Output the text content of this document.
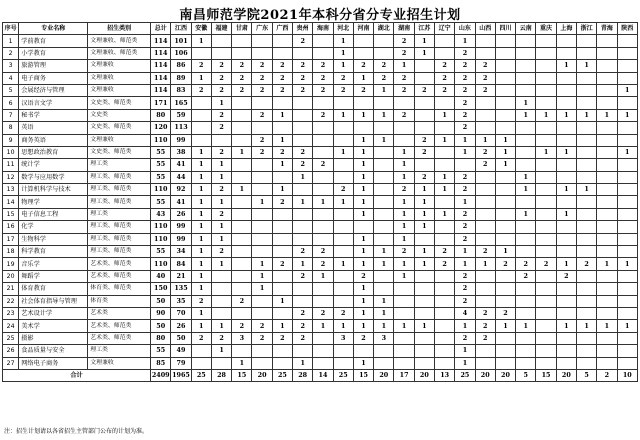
南昌师范学院2021年本科分省分专业招生计划
序号	专业名称	招生类别	总计	江西	安徽	福建	甘肃	广东	广西	贵州	海南	河北	河南	湖北	湖南	江苏	辽宁	山东	山西	四川	云南	重庆	上海	浙江	青海	陕西
1	学前教育	文理兼收、师范类	114	101	1					2		1			2	1		1								
2	小学教育	文理兼收、师范类	114	106								1			2	1		2								
3	旅游管理	文理兼收	114	86	2	2	2	2	2	2	2	1	2	2	1		2	2	2				1	1		
4	电子商务	文理兼收	114	89	1	2	2	2	2	2	2	2	1	2	2		2	2	2							
5	会展经济与管理	文理兼收	114	83	2	2	2	2	2	2	2	2	2	1	2	2	2	2	2							1
6	汉语言文学	文史类、师范类	171	165		1												2			1					
7	秘书学	文史类	80	59		2		2	1		2	1	1	1	2		1	2			1	1	1	1	1	1
8	英语	文史类、师范类	120	113		2												2								
9	商务英语	文理兼收	110	99				2	1				1	1		2	1	1	1	1						
10	思想政治教育	文史类、师范类	55	38	1	2	1	2	2	2		1	1		1	2		1	2	1		1	1			1
11	统计学	理工类	55	41	1	1			1	2	2		1		1				2	1						
12	数学与应用数学	理工类、师范类	55	44	1	1				1			1		1	2	1	2			1					
13	计算机科学与技术	理工类、师范类	110	92	1	2	1		1			2	1		2	1	1	2			1		1	1		
14	物理学	理工类、师范类	55	41	1	1		1	2	1	1	1	1		1	1		1								
15	电子信息工程	理工类	43	26	1	2							1		1	1	1	2			1		1			
16	化学	理工类、师范类	110	99	1	1									1	1		2								
17	生物科学	理工类、师范类	110	99	1	1							1		1			2								
18	科学教育	理工类、师范类	55	34	1	2				2	2		1	1	2	1	2	1	2	1						
19	音乐学	艺术类、师范类	110	84	1	1		1	2	1	2	1	1	1	1	1	2	1	1	2	2	2	1	2	1	1
20	舞蹈学	艺术类、师范类	40	21	1			1		2	1		2		1			2			2		2			
21	体育教育	体育类、师范类	150	135	1			1					1					2								
22	社会体育指导与管理	体育类	50	35	2		2		1				1	1				2								
23	艺术设计学	艺术类	90	70	1					2	2	2	1	1				4	2	2						
24	美术学	艺术类、师范类	50	26	1	1	2	2	1	2	1	1	1	1	1	1		1	2	1	1		1	1	1	1
25	摄影	艺术类、师范类	80	50	2	2	3	2	2	2		3	2	3				2	2							
26	食品质量与安全	理工类	55	49		1												1								
27	网络电子商务	文理兼收	85	79			1			1			1					1								
合计			2409	1965	25	28	15	20	25	28	14	25	15	20	17	20	13	25	20	20	5	15	20	5	2	10
注：招生计划请以各省招生主管部门公布的计划为准。
